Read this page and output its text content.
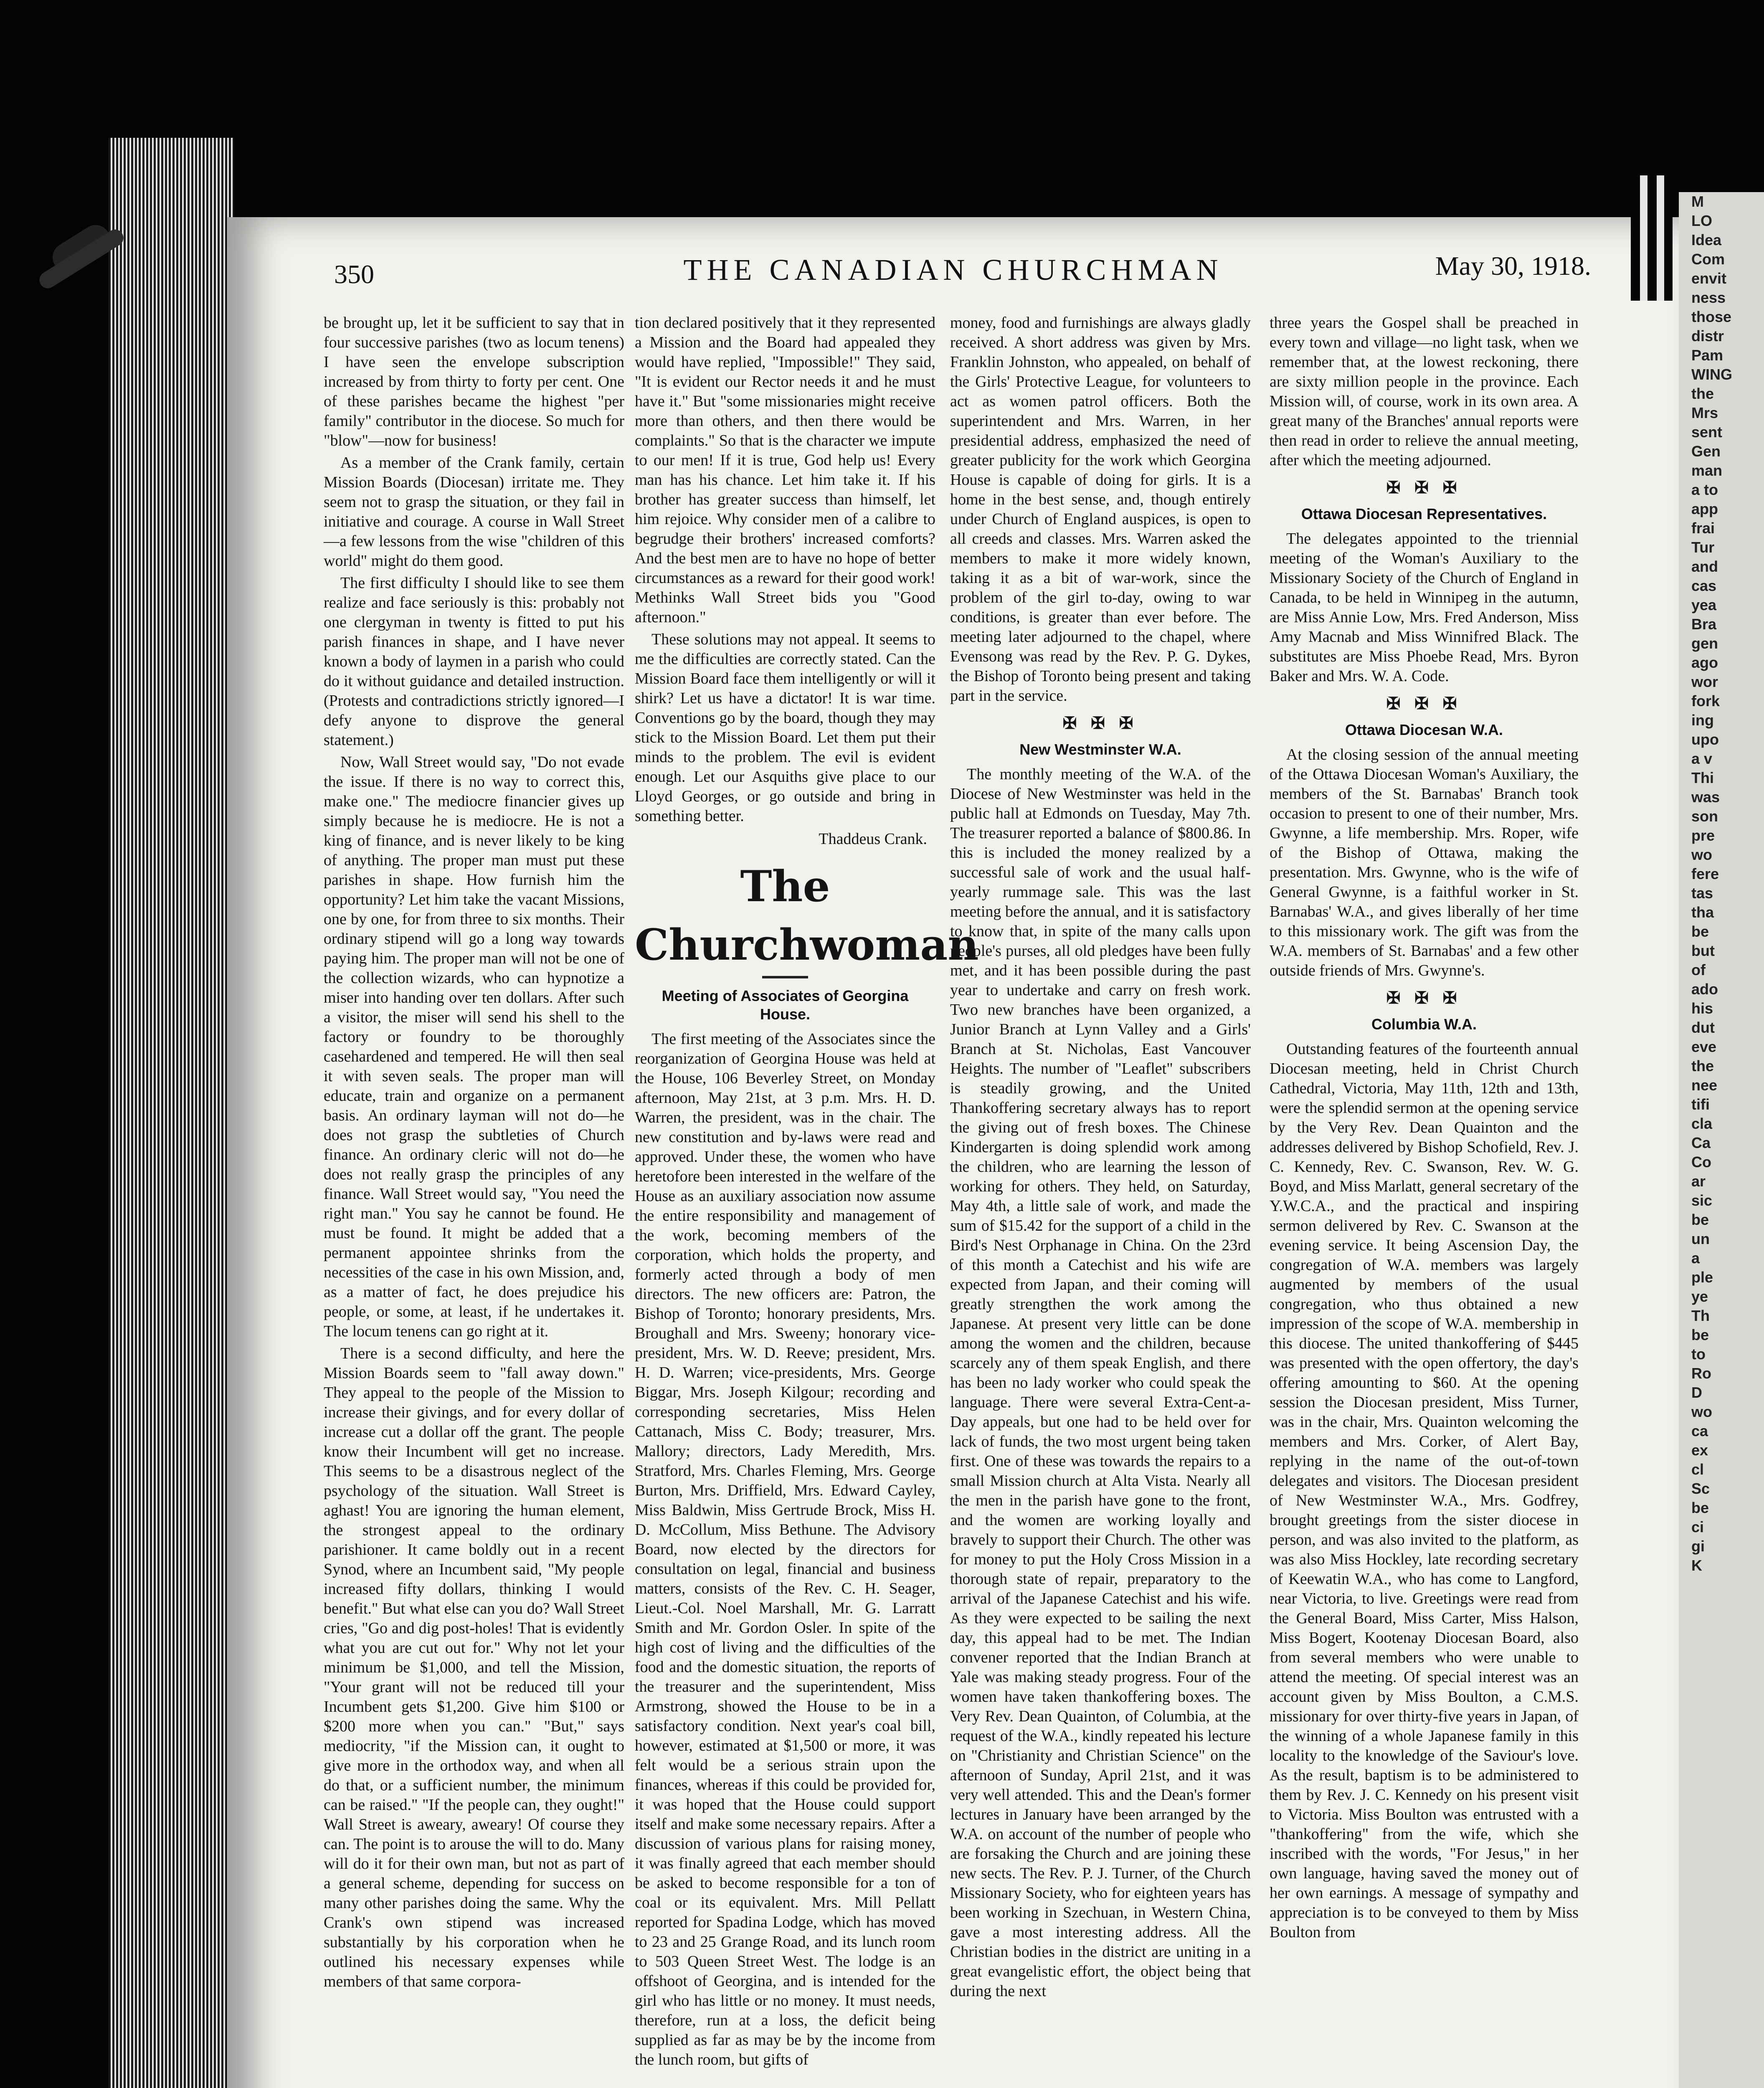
350	THE CANADIAN CHURCHMAN	May 30, 1918.

be brought up, let it be sufficient to say that in four successive parishes (two as locum tenens) I have seen the envelope subscription increased by from thirty to forty per cent. One of these parishes became the highest "per family" contributor in the diocese. So much for "blow"—now for business!

As a member of the Crank family, certain Mission Boards (Diocesan) irritate me. They seem not to grasp the situation, or they fail in initiative and courage. A course in Wall Street—a few lessons from the wise "children of this world" might do them good.

The first difficulty I should like to see them realize and face seriously is this: probably not one clergyman in twenty is fitted to put his parish finances in shape, and I have never known a body of laymen in a parish who could do it without guidance and detailed instruction. (Protests and contradictions strictly ignored—I defy anyone to disprove the general statement.)

Now, Wall Street would say, "Do not evade the issue. If there is no way to correct this, make one." The mediocre financier gives up simply because he is mediocre. He is not a king of finance, and is never likely to be king of anything. The proper man must put these parishes in shape. How furnish him the opportunity? Let him take the vacant Missions, one by one, for from three to six months. Their ordinary stipend will go a long way towards paying him. The proper man will not be one of the collection wizards, who can hypnotize a miser into handing over ten dollars. After such a visitor, the miser will send his shell to the factory or foundry to be thoroughly casehardened and tempered. He will then seal it with seven seals. The proper man will educate, train and organize on a permanent basis. An ordinary layman will not do—he does not grasp the subtleties of Church finance. An ordinary cleric will not do—he does not really grasp the principles of any finance. Wall Street would say, "You need the right man." You say he cannot be found. He must be found. It might be added that a permanent appointee shrinks from the necessities of the case in his own Mission, and, as a matter of fact, he does prejudice his people, or some, at least, if he undertakes it. The locum tenens can go right at it.

There is a second difficulty, and here the Mission Boards seem to "fall away down." They appeal to the people of the Mission to increase their givings, and for every dollar of increase cut a dollar off the grant. The people know their Incumbent will get no increase. This seems to be a disastrous neglect of the psychology of the situation. Wall Street is aghast! You are ignoring the human element, the strongest appeal to the ordinary parishioner. It came boldly out in a recent Synod, where an Incumbent said, "My people increased fifty dollars, thinking I would benefit." But what else can you do? Wall Street cries, "Go and dig post-holes! That is evidently what you are cut out for." Why not let your minimum be $1,000, and tell the Mission, "Your grant will not be reduced till your Incumbent gets $1,200. Give him $100 or $200 more when you can." "But," says mediocrity, "if the Mission can, it ought to give more in the orthodox way, and when all do that, or a sufficient number, the minimum can be raised." "If the people can, they ought!" Wall Street is aweary, aweary! Of course they can. The point is to arouse the will to do. Many will do it for their own man, but not as part of a general scheme, depending for success on many other parishes doing the same. Why the Crank's own stipend was increased substantially by his corporation when he outlined his necessary expenses while members of that same corpora-

tion declared positively that it they represented a Mission and the Board had appealed they would have replied, "Impossible!" They said, "It is evident our Rector needs it and he must have it." But "some missionaries might receive more than others, and then there would be complaints." So that is the character we impute to our men! If it is true, God help us! Every man has his chance. Let him take it. If his brother has greater success than himself, let him rejoice. Why consider men of a calibre to begrudge their brothers' increased comforts? And the best men are to have no hope of better circumstances as a reward for their good work! Methinks Wall Street bids you "Good afternoon."

These solutions may not appeal. It seems to me the difficulties are correctly stated. Can the Mission Board face them intelligently or will it shirk? Let us have a dictator! It is war time. Conventions go by the board, though they may stick to the Mission Board. Let them put their minds to the problem. The evil is evident enough. Let our Asquiths give place to our Lloyd Georges, or go outside and bring in something better.

Thaddeus Crank.
The Churchwoman
Meeting of Associates of Georgina House.

The first meeting of the Associates since the reorganization of Georgina House was held at the House, 106 Beverley Street, on Monday afternoon, May 21st, at 3 p.m. Mrs. H. D. Warren, the president, was in the chair. The new constitution and by-laws were read and approved. Under these, the women who have heretofore been interested in the welfare of the House as an auxiliary association now assume the entire responsibility and management of the work, becoming members of the corporation, which holds the property, and formerly acted through a body of men directors. The new officers are: Patron, the Bishop of Toronto; honorary presidents, Mrs. Broughall and Mrs. Sweeny; honorary vice-president, Mrs. W. D. Reeve; president, Mrs. H. D. Warren; vice-presidents, Mrs. George Biggar, Mrs. Joseph Kilgour; recording and corresponding secretaries, Miss Helen Cattanach, Miss C. Body; treasurer, Mrs. Mallory; directors, Lady Meredith, Mrs. Stratford, Mrs. Charles Fleming, Mrs. George Burton, Mrs. Driffield, Mrs. Edward Cayley, Miss Baldwin, Miss Gertrude Brock, Miss H. D. McCollum, Miss Bethune. The Advisory Board, now elected by the directors for consultation on legal, financial and business matters, consists of the Rev. C. H. Seager, Lieut.-Col. Noel Marshall, Mr. G. Larratt Smith and Mr. Gordon Osler. In spite of the high cost of living and the difficulties of the food and the domestic situation, the reports of the treasurer and the superintendent, Miss Armstrong, showed the House to be in a satisfactory condition. Next year's coal bill, however, estimated at $1,500 or more, it was felt would be a serious strain upon the finances, whereas if this could be provided for, it was hoped that the House could support itself and make some necessary repairs. After a discussion of various plans for raising money, it was finally agreed that each member should be asked to become responsible for a ton of coal or its equivalent. Mrs. Mill Pellatt reported for Spadina Lodge, which has moved to 23 and 25 Grange Road, and its lunch room to 503 Queen Street West. The lodge is an offshoot of Georgina, and is intended for the girl who has little or no money. It must needs, therefore, run at a loss, the deficit being supplied as far as may be by the income from the lunch room, but gifts of

money, food and furnishings are always gladly received. A short address was given by Mrs. Franklin Johnston, who appealed, on behalf of the Girls' Protective League, for volunteers to act as women patrol officers. Both the superintendent and Mrs. Warren, in her presidential address, emphasized the need of greater publicity for the work which Georgina House is capable of doing for girls. It is a home in the best sense, and, though entirely under Church of England auspices, is open to all creeds and classes. Mrs. Warren asked the members to make it more widely known, taking it as a bit of war-work, since the problem of the girl to-day, owing to war conditions, is greater than ever before. The meeting later adjourned to the chapel, where Evensong was read by the Rev. P. G. Dykes, the Bishop of Toronto being present and taking part in the service.

✠ ✠ ✠
New Westminster W.A.

The monthly meeting of the W.A. of the Diocese of New Westminster was held in the public hall at Edmonds on Tuesday, May 7th. The treasurer reported a balance of $800.86. In this is included the money realized by a successful sale of work and the usual half-yearly rummage sale. This was the last meeting before the annual, and it is satisfactory to know that, in spite of the many calls upon people's purses, all old pledges have been fully met, and it has been possible during the past year to undertake and carry on fresh work. Two new branches have been organized, a Junior Branch at Lynn Valley and a Girls' Branch at St. Nicholas, East Vancouver Heights. The number of "Leaflet" subscribers is steadily growing, and the United Thankoffering secretary always has to report the giving out of fresh boxes. The Chinese Kindergarten is doing splendid work among the children, who are learning the lesson of working for others. They held, on Saturday, May 4th, a little sale of work, and made the sum of $15.42 for the support of a child in the Bird's Nest Orphanage in China. On the 23rd of this month a Catechist and his wife are expected from Japan, and their coming will greatly strengthen the work among the Japanese. At present very little can be done among the women and the children, because scarcely any of them speak English, and there has been no lady worker who could speak the language. There were several Extra-Cent-a-Day appeals, but one had to be held over for lack of funds, the two most urgent being taken first. One of these was towards the repairs to a small Mission church at Alta Vista. Nearly all the men in the parish have gone to the front, and the women are working loyally and bravely to support their Church. The other was for money to put the Holy Cross Mission in a thorough state of repair, preparatory to the arrival of the Japanese Catechist and his wife. As they were expected to be sailing the next day, this appeal had to be met. The Indian convener reported that the Indian Branch at Yale was making steady progress. Four of the women have taken thankoffering boxes. The Very Rev. Dean Quainton, of Columbia, at the request of the W.A., kindly repeated his lecture on "Christianity and Christian Science" on the afternoon of Sunday, April 21st, and it was very well attended. This and the Dean's former lectures in January have been arranged by the W.A. on account of the number of people who are forsaking the Church and are joining these new sects. The Rev. P. J. Turner, of the Church Missionary Society, who for eighteen years has been working in Szechuan, in Western China, gave a most interesting address. All the Christian bodies in the district are uniting in a great evangelistic effort, the object being that during the next

three years the Gospel shall be preached in every town and village—no light task, when we remember that, at the lowest reckoning, there are sixty million people in the province. Each Mission will, of course, work in its own area. A great many of the Branches' annual reports were then read in order to relieve the annual meeting, after which the meeting adjourned.

✠ ✠ ✠
Ottawa Diocesan Representatives.

The delegates appointed to the triennial meeting of the Woman's Auxiliary to the Missionary Society of the Church of England in Canada, to be held in Winnipeg in the autumn, are Miss Annie Low, Mrs. Fred Anderson, Miss Amy Macnab and Miss Winnifred Black. The substitutes are Miss Phoebe Read, Mrs. Byron Baker and Mrs. W. A. Code.

✠ ✠ ✠
Ottawa Diocesan W.A.

At the closing session of the annual meeting of the Ottawa Diocesan Woman's Auxiliary, the members of the St. Barnabas' Branch took occasion to present to one of their number, Mrs. Gwynne, a life membership. Mrs. Roper, wife of the Bishop of Ottawa, making the presentation. Mrs. Gwynne, who is the wife of General Gwynne, is a faithful worker in St. Barnabas' W.A., and gives liberally of her time to this missionary work. The gift was from the W.A. members of St. Barnabas' and a few other outside friends of Mrs. Gwynne's.

✠ ✠ ✠
Columbia W.A.

Outstanding features of the fourteenth annual Diocesan meeting, held in Christ Church Cathedral, Victoria, May 11th, 12th and 13th, were the splendid sermon at the opening service by the Very Rev. Dean Quainton and the addresses delivered by Bishop Schofield, Rev. J. C. Kennedy, Rev. C. Swanson, Rev. W. G. Boyd, and Miss Marlatt, general secretary of the Y.W.C.A., and the practical and inspiring sermon delivered by Rev. C. Swanson at the evening service. It being Ascension Day, the congregation of W.A. members was largely augmented by members of the usual congregation, who thus obtained a new impression of the scope of W.A. membership in this diocese. The united thankoffering of $445 was presented with the open offertory, the day's offering amounting to $60. At the opening session the Diocesan president, Miss Turner, was in the chair, Mrs. Quainton welcoming the members and Mrs. Corker, of Alert Bay, replying in the name of the out-of-town delegates and visitors. The Diocesan president of New Westminster W.A., Mrs. Godfrey, brought greetings from the sister diocese in person, and was also invited to the platform, as was also Miss Hockley, late recording secretary of Keewatin W.A., who has come to Langford, near Victoria, to live. Greetings were read from the General Board, Miss Carter, Miss Halson, Miss Bogert, Kootenay Diocesan Board, also from several members who were unable to attend the meeting. Of special interest was an account given by Miss Boulton, a C.M.S. missionary for over thirty-five years in Japan, of the winning of a whole Japanese family in this locality to the knowledge of the Saviour's love. As the result, baptism is to be administered to them by Rev. J. C. Kennedy on his present visit to Victoria. Miss Boulton was entrusted with a "thankoffering" from the wife, which she inscribed with the words, "For Jesus," in her own language, having saved the money out of her own earnings. A message of sympathy and appreciation is to be conveyed to them by Miss Boulton from

M
LO
Idea
Com
envit
ness
those
distr
Pam
WING
the
Mrs
sent
Gen
man
a to
app
frai
Tur
and
cas
yea
Bra
gen
ago
wor
fork
ing
upo
a v
Thi
was
son
pre
wo
fere
tas
tha
be
but
of
ado
his
dut
eve
the
nee
tifi
cla
Ca
Co
ar
sic
be
un
a
ple
ye
Th
be
to
Ro
D
wo
ca
ex
cl
Sc
be
ci
gi
K
